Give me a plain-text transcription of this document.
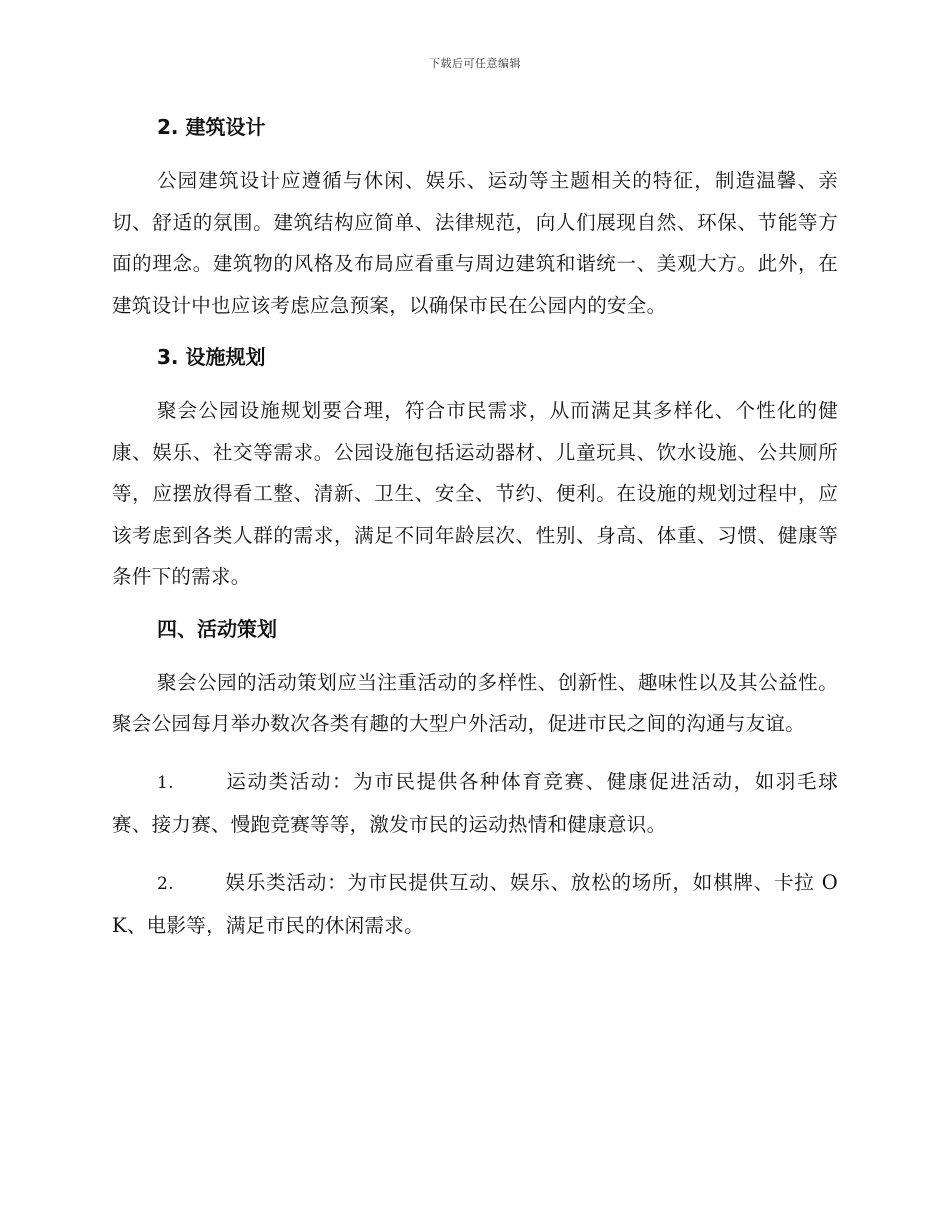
下载后可任意编辑
2. 建筑设计

公园建筑设计应遵循与休闲、娱乐、运动等主题相关的特征，制造温馨、亲切、舒适的氛围。建筑结构应简单、法律规范，向人们展现自然、环保、节能等方面的理念。建筑物的风格及布局应看重与周边建筑和谐统一、美观大方。此外，在建筑设计中也应该考虑应急预案，以确保市民在公园内的安全。

3. 设施规划

聚会公园设施规划要合理，符合市民需求，从而满足其多样化、个性化的健康、娱乐、社交等需求。公园设施包括运动器材、儿童玩具、饮水设施、公共厕所等，应摆放得看工整、清新、卫生、安全、节约、便利。在设施的规划过程中，应该考虑到各类人群的需求，满足不同年龄层次、性别、身高、体重、习惯、健康等条件下的需求。

四、活动策划

聚会公园的活动策划应当注重活动的多样性、创新性、趣味性以及其公益性。聚会公园每月举办数次各类有趣的大型户外活动，促进市民之间的沟通与友谊。

1.	运动类活动：为市民提供各种体育竞赛、健康促进活动，如羽毛球赛、接力赛、慢跑竞赛等等，激发市民的运动热情和健康意识。

2.	娱乐类活动：为市民提供互动、娱乐、放松的场所，如棋牌、卡拉 OK、电影等，满足市民的休闲需求。
